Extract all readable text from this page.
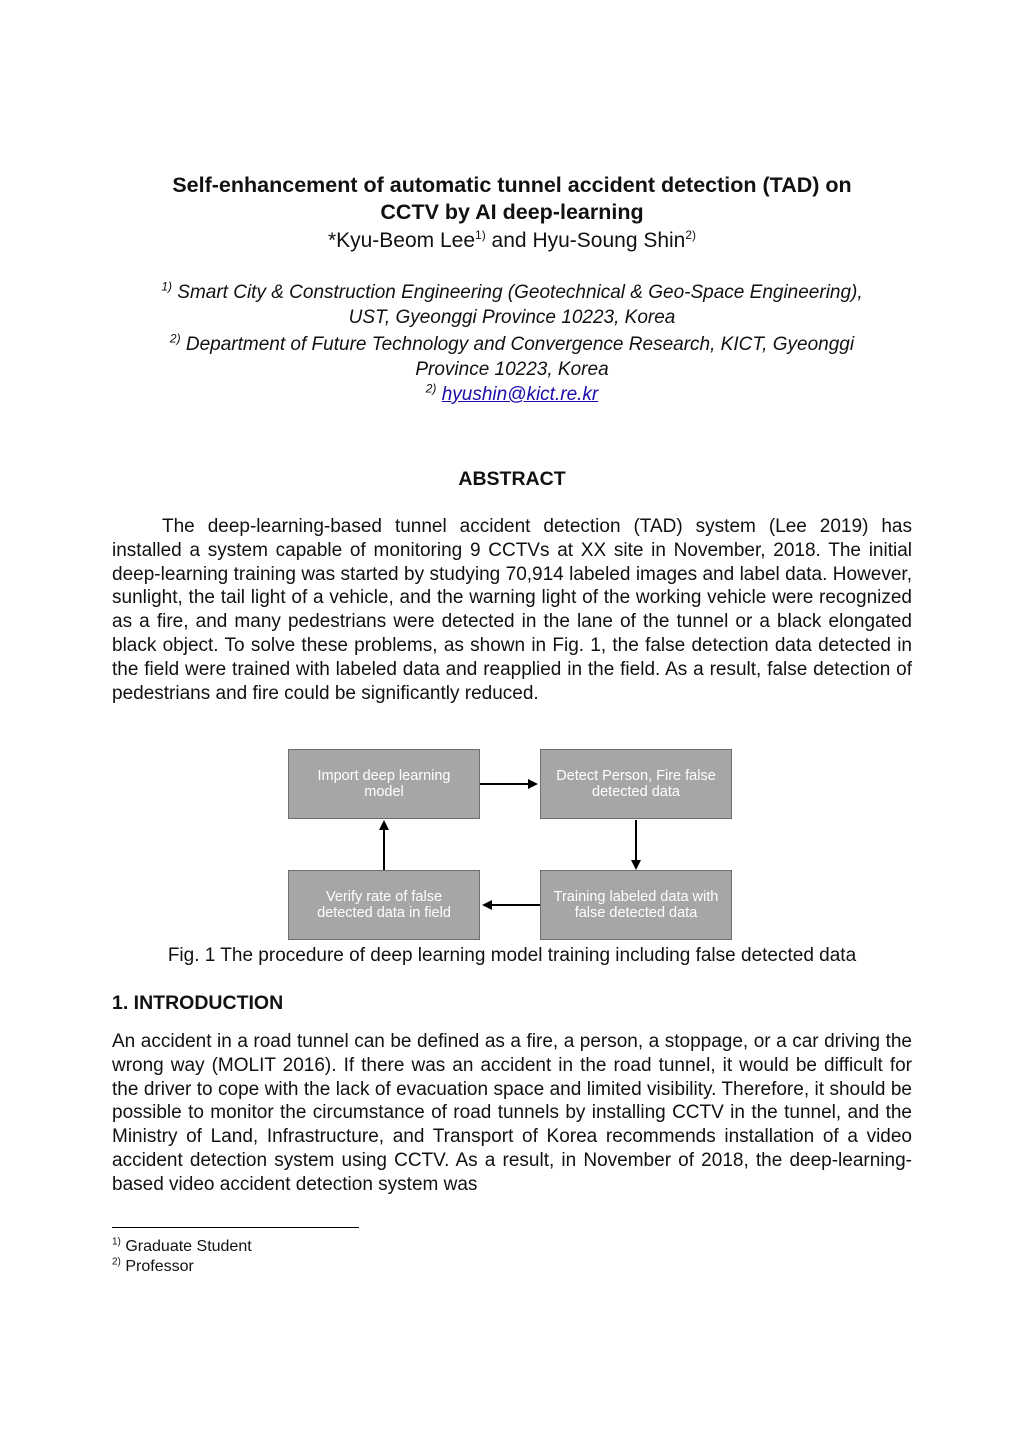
Self-enhancement of automatic tunnel accident detection (TAD) on
CCTV by AI deep-learning
*Kyu-Beom Lee$^{1)}$ and Hyu-Soung Shin$^{2)}$
$^{1)}$ Smart City & Construction Engineering (Geotechnical & Geo-Space Engineering),
UST, Gyeonggi Province 10223, Korea
$^{2)}$ Department of Future Technology and Convergence Research, KICT, Gyeonggi
Province 10223, Korea
$^{2)}$ hyushin@kict.re.kr
ABSTRACT

The deep-learning-based tunnel accident detection (TAD) system (Lee 2019) has installed a system capable of monitoring 9 CCTVs at XX site in November, 2018. The initial deep-learning training was started by studying 70,914 labeled images and label data. However, sunlight, the tail light of a vehicle, and the warning light of the working vehicle were recognized as a fire, and many pedestrians were detected in the lane of the tunnel or a black elongated black object. To solve these problems, as shown in Fig. 1, the false detection data detected in the field were trained with labeled data and reapplied in the field. As a result, false detection of pedestrians and fire could be significantly reduced.

Import deep learning model
Detect Person, Fire false detected data
Training labeled data with false detected data
Verify rate of false detected data in field
Fig. 1 The procedure of deep learning model training including false detected data
1. INTRODUCTION

An accident in a road tunnel can be defined as a fire, a person, a stoppage, or a car driving the wrong way (MOLIT 2016). If there was an accident in the road tunnel, it would be difficult for the driver to cope with the lack of evacuation space and limited visibility. Therefore, it should be possible to monitor the circumstance of road tunnels by installing CCTV in the tunnel, and the Ministry of Land, Infrastructure, and Transport of Korea recommends installation of a video accident detection system using CCTV. As a result, in November of 2018, the deep-learning-based video accident detection system was

$^{1)}$ Graduate Student
$^{2)}$ Professor
